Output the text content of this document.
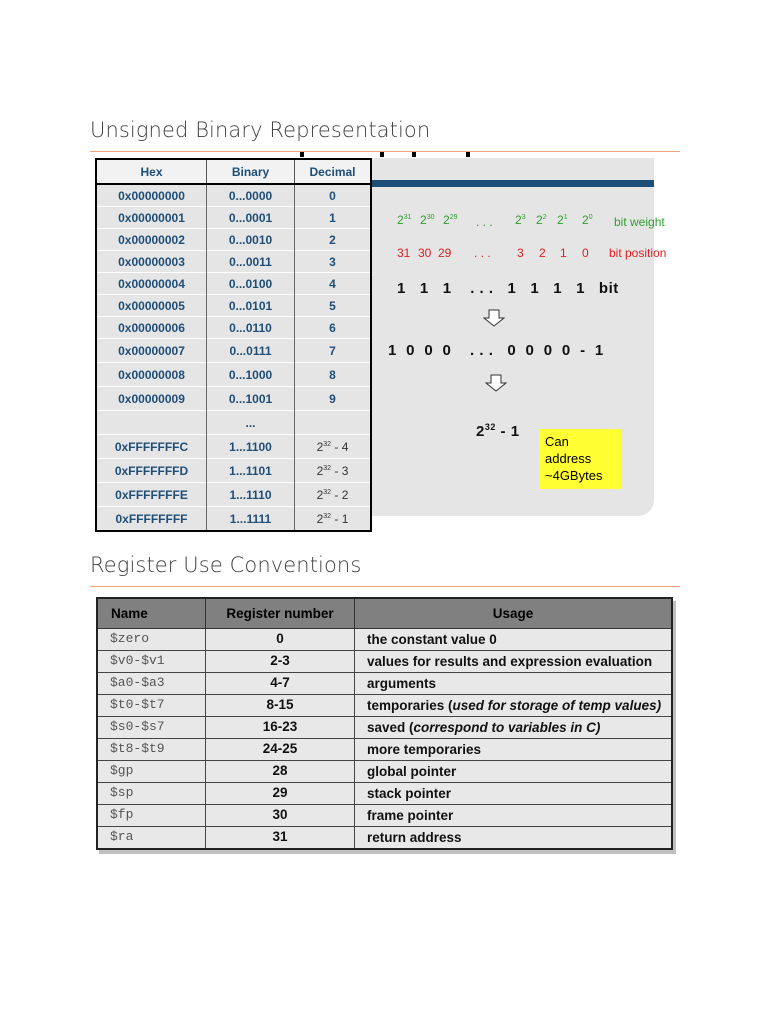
Unsigned Binary Representation
Hex	Binary	Decimal
0x00000000	0...0000	0
0x00000001	0...0001	1
0x00000002	0...0010	2
0x00000003	0...0011	3
0x00000004	0...0100	4
0x00000005	0...0101	5
0x00000006	0...0110	6
0x00000007	0...0111	7
0x00000008	0...1000	8
0x00000009	0...1001	9
	...	
0xFFFFFFFC	1...1100	$2^{32} - 4$
0xFFFFFFFD	1...1101	$2^{32} - 3$
0xFFFFFFFE	1...1110	$2^{32} - 2$
0xFFFFFFFF	1...1111	$2^{32} - 1$
$2^{31}$ $2^{30}$ $2^{29}$ . . . $2^3$ $2^2$ $2^1$ $2^0$ bit weight
31 30 29 . . . 3 2 1 0 bit position
1   1   1    . . .   1   1   1   1   bit
1  0  0  0    . . .   0  0  0  0  -  1
$2^{32} - 1$
Can
address
~4GBytes
Register Use Conventions
Name	Register number	Usage
$zero	0	the constant value 0
$v0-$v1	2-3	values for results and expression evaluation
$a0-$a3	4-7	arguments
$t0-$t7	8-15	temporaries (used for storage of temp values)
$s0-$s7	16-23	saved (correspond to variables in C)
$t8-$t9	24-25	more temporaries
$gp	28	global pointer
$sp	29	stack pointer
$fp	30	frame pointer
$ra	31	return address
